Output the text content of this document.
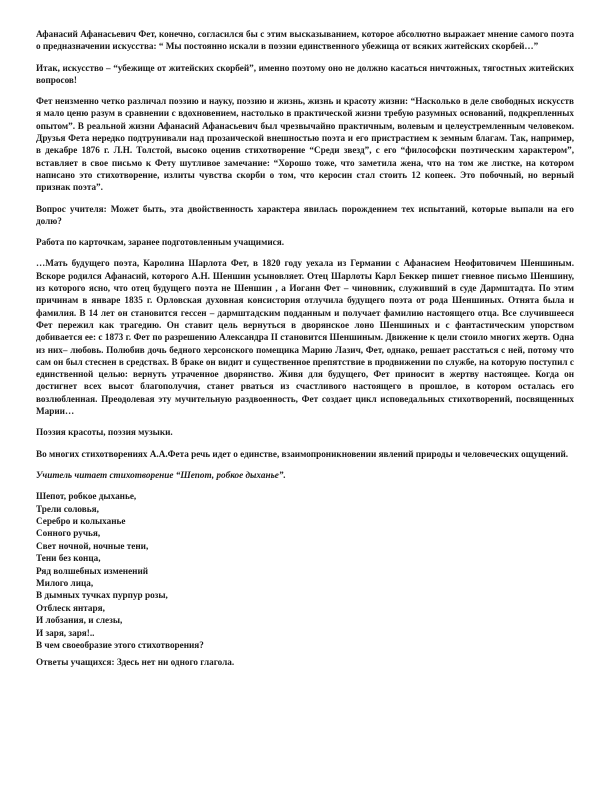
Афанасий Афанасьевич Фет, конечно, согласился бы с этим высказыванием, которое абсолютно выражает мнение самого поэта о предназначении искусства: “ Мы постоянно искали в поэзии единственного убежища от всяких житейских скорбей…”

Итак, искусство – “убежище от житейских скорбей”, именно поэтому оно не должно касаться ничтожных, тягостных житейских вопросов!

Фет неизменно четко различал поэзию и науку, поэзию и жизнь, жизнь и красоту жизни: “Насколько в деле свободных искусств я мало ценю разум в сравнении с вдохновением, настолько в практической жизни требую разумных оснований, подкрепленных опытом”. В реальной жизни Афанасий Афанасьевич был чрезвычайно практичным, волевым и целеустремленным человеком. Друзья Фета нередко подтрунивали над прозаической внешностью поэта и его пристрастием к земным благам. Так, например, в декабре 1876 г. Л.Н. Толстой, высоко оценив стихотворение “Среди звезд”, с его “философски поэтическим характером”, вставляет в свое письмо к Фету шутливое замечание: “Хорошо тоже, что заметила жена, что на том же листке, на котором написано это стихотворение, излиты чувства скорби о том, что керосин стал стоить 12 копеек. Это побочный, но верный признак поэта”.

Вопрос учителя: Может быть, эта двойственность характера явилась порождением тех испытаний, которые выпали на его долю?

Работа по карточкам, заранее подготовленным учащимися.

…Мать будущего поэта, Каролина Шарлота Фет, в 1820 году уехала из Германии с Афанасием Неофитовичем Шеншиным. Вскоре родился Афанасий, которого А.Н. Шеншин усыновляет. Отец Шарлоты Карл Беккер пишет гневное письмо Шеншину, из которого ясно, что отец будущего поэта не Шеншин , а Иоганн Фет – чиновник, служивший в суде Дармштадта. По этим причинам в январе 1835 г. Орловская духовная консистория отлучила будущего поэта от рода Шеншиных. Отнята была и фамилия. В 14 лет он становится гессен – дармштадским подданным и получает фамилию настоящего отца. Все случившееся Фет пережил как трагедию. Он ставит цель вернуться в дворянское лоно Шеншиных и с фантастическим упорством добивается ее: с 1873 г. Фет по разрешению Александра II становится Шеншиным. Движение к цели стоило многих жертв. Одна из них– любовь. Полюбив дочь бедного херсонского помещика Марию Лазич, Фет, однако, решает расстаться с ней, потому что сам он был стеснен в средствах. В браке он видит и существенное препятствие в продвижении по службе, на которую поступил с единственной целью: вернуть утраченное дворянство. Живя для будущего, Фет приносит в жертву настоящее. Когда он достигнет всех высот благополучия, станет рваться из счастливого настоящего в прошлое, в котором осталась его возлюбленная. Преодолевая эту мучительную раздвоенность, Фет создает цикл исповедальных стихотворений, посвященных Марии…

Поэзия красоты, поэзия музыки.

Во многих стихотворениях А.А.Фета речь идет о единстве, взаимопроникновении явлений природы и человеческих ощущений.

Учитель читает стихотворение “Шепот, робкое дыханье”.

Шепот, робкое дыханье,
Трели соловья,
Серебро и колыханье
Сонного ручья,
Свет ночной, ночные тени,
Тени без конца,
Ряд волшебных изменений
Милого лица,
В дымных тучках пурпур розы,
Отблеск янтаря,
И лобзания, и слезы,
И заря, заря!..
В чем своеобразие этого стихотворения?

Ответы учащихся: Здесь нет ни одного глагола.
